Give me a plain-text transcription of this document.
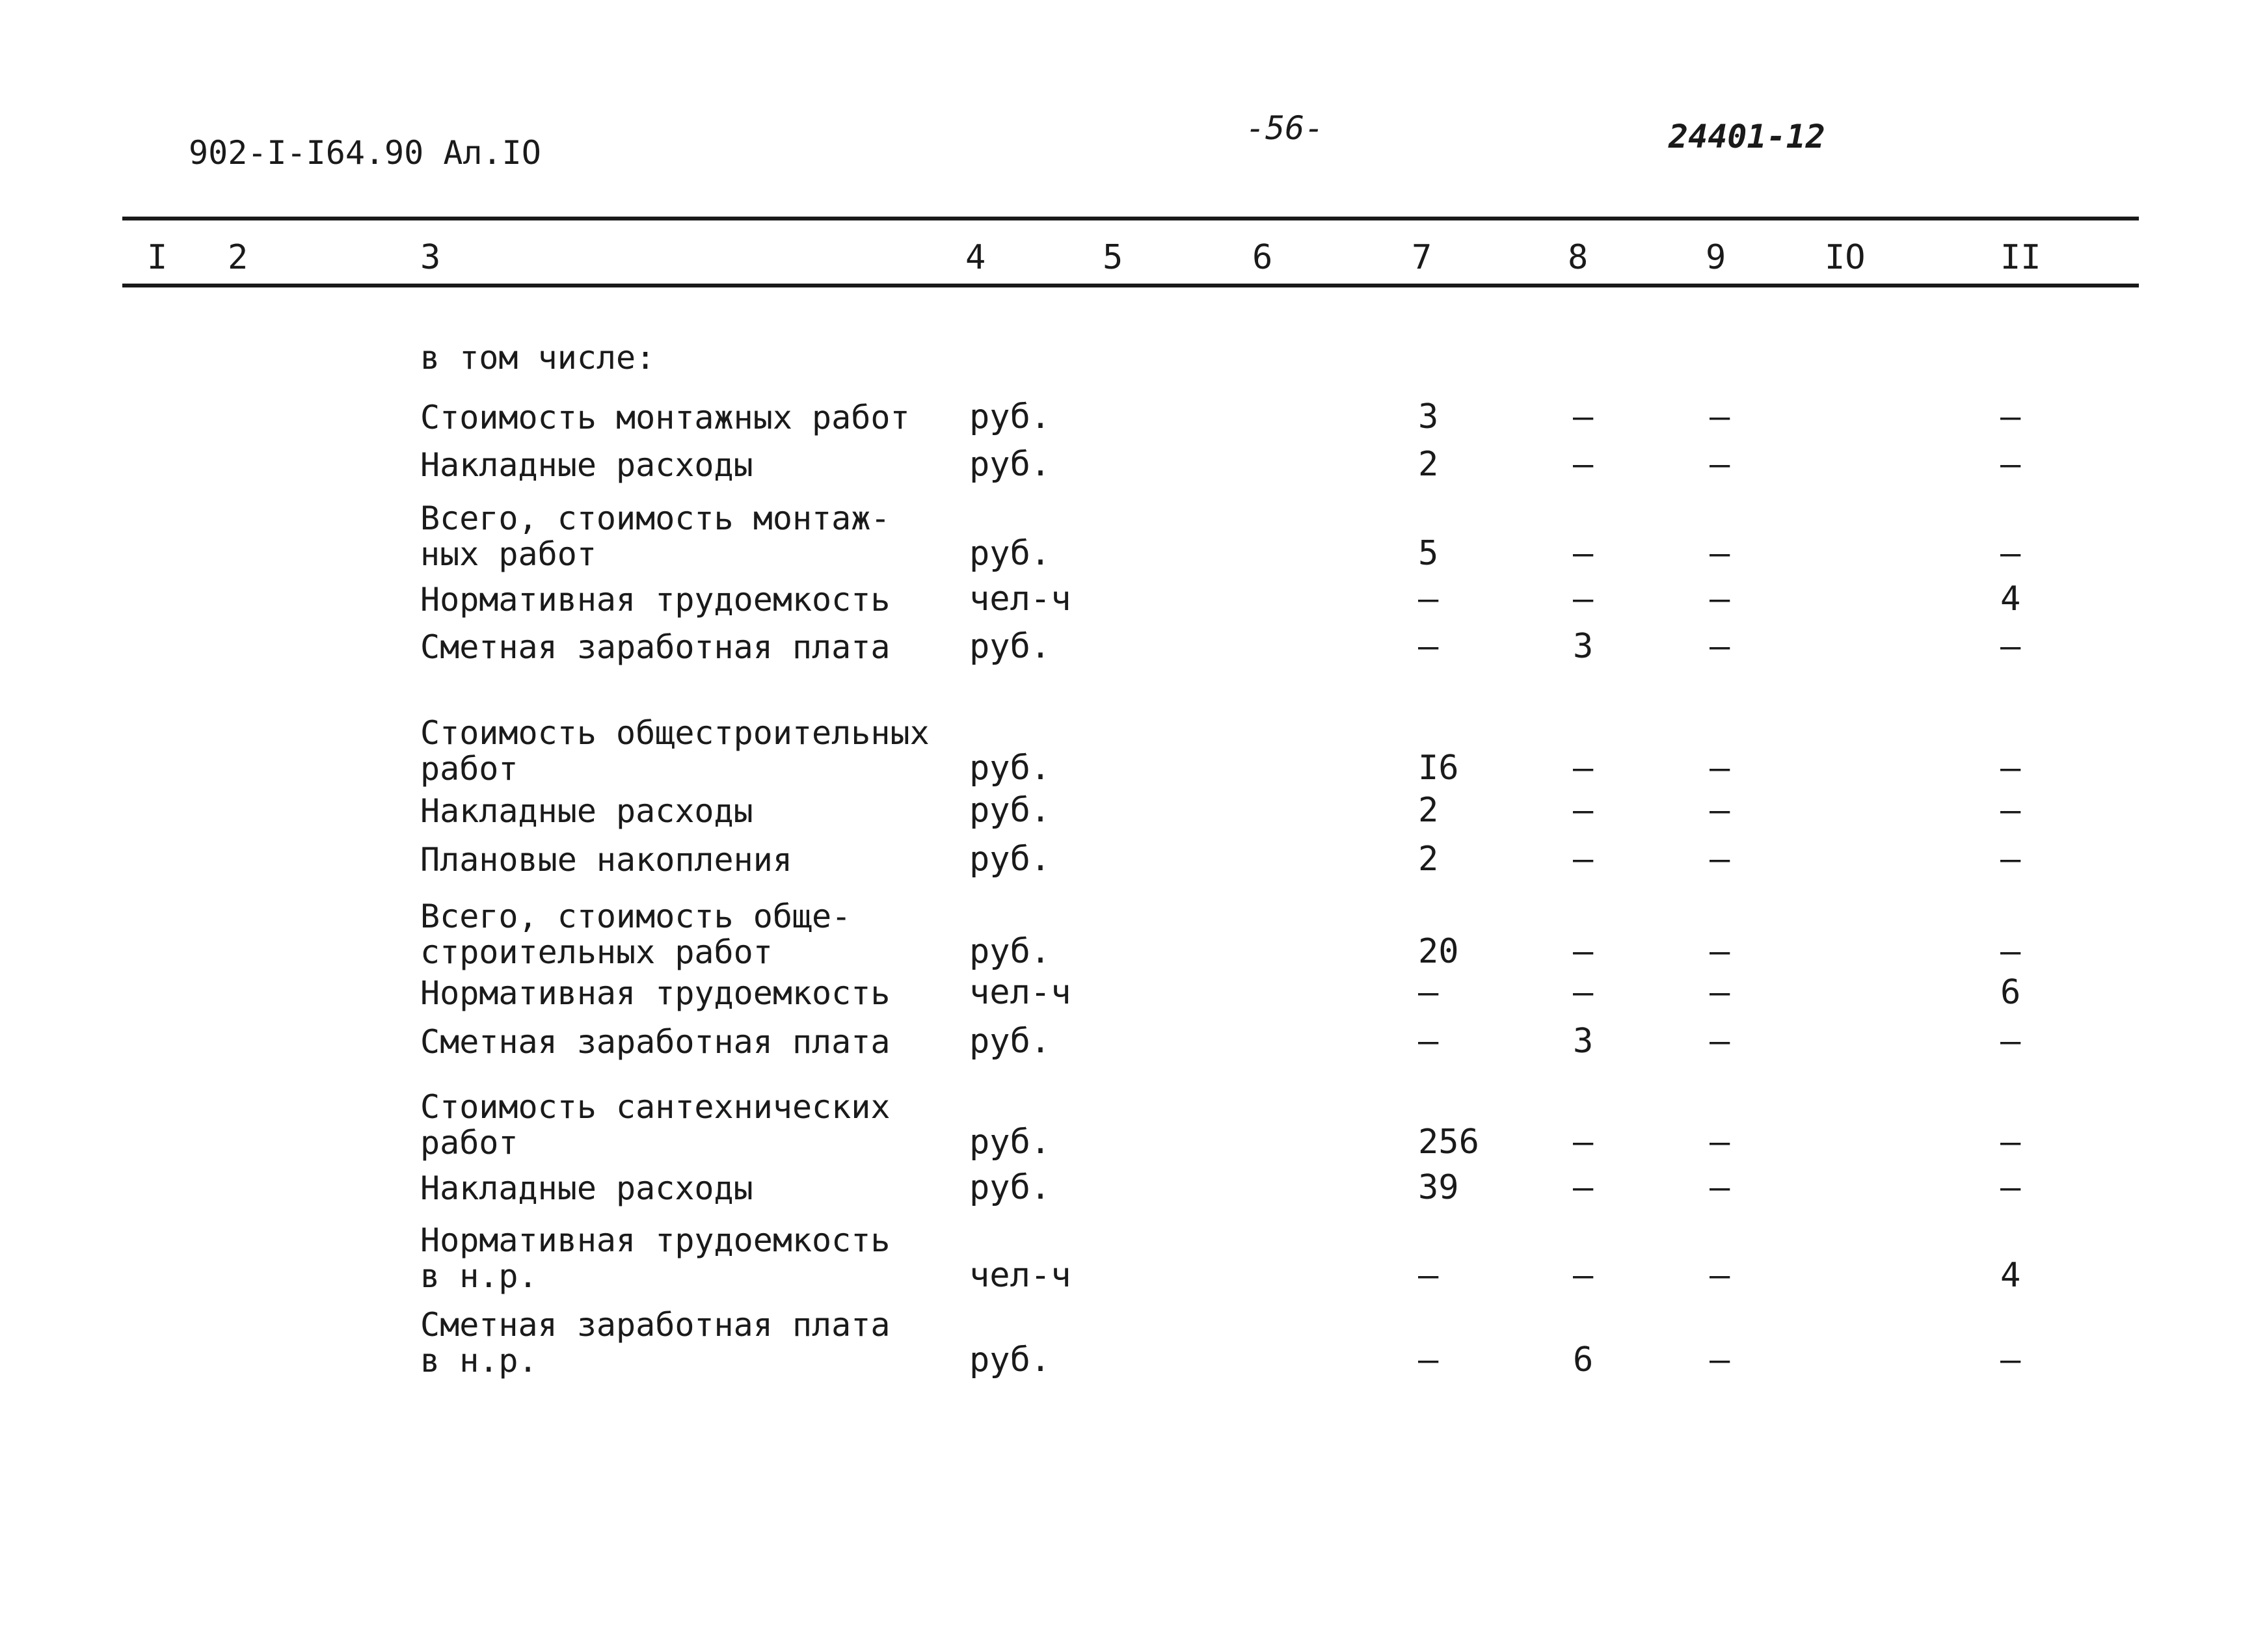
902-I-I64.90 Ал.IO
-56-	24401-12
I 2	3	4	5	6	7	8	9	IO	II
в том числе:
Стоимость монтажных работ руб.	3	–	–	–
Накладные расходы	руб.	2	–	–	–
Всего, стоимость монтаж-
ных работ	руб.	5	–	–	–
Нормативная трудоемкость чел-ч	–	–	–	4
Сметная заработная плата руб.	–	3	–	–
Стоимость общестроительных
работ	руб.	I6	–	–	–
Накладные расходы	руб.	2	–	–	–
Плановые накопления	руб.	2	–	–	–
Всего, стоимость обще-
строительных работ	руб.	20	–	–	–
Нормативная трудоемкость чел-ч	–	–	–	6
Сметная заработная плата руб.	–	3	–	–
Стоимость сантехнических
работ	руб.	256	–	–	–
Накладные расходы	руб.	39	–	–	–
Нормативная трудоемкость
в н.р.	чел-ч	–	–	–	4
Сметная заработная плата
в н.р.	руб.	–	6	–	–
